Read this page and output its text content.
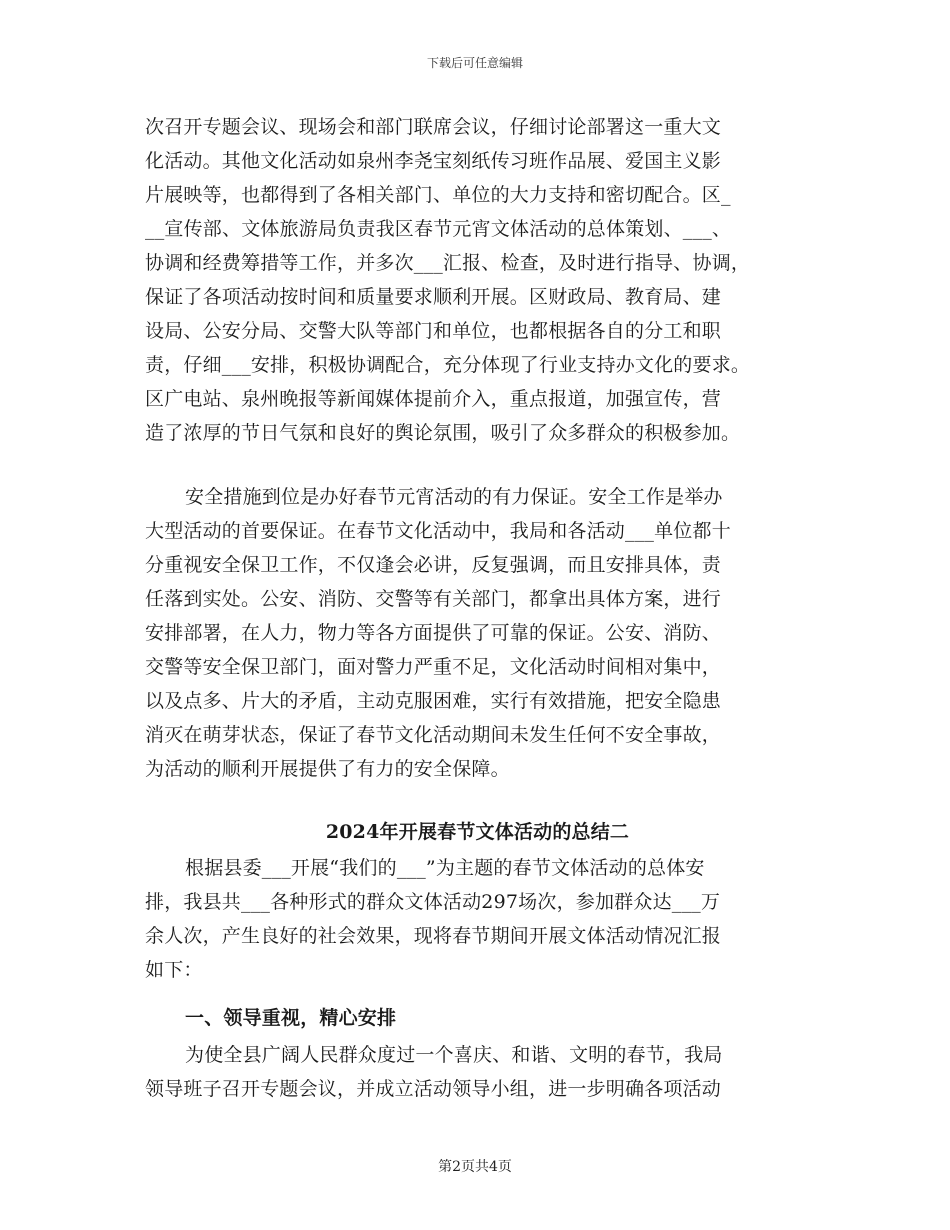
下载后可任意编辑
次召开专题会议、现场会和部门联席会议，仔细讨论部署这一重大文
化活动。其他文化活动如泉州李尧宝刻纸传习班作品展、爱国主义影
片展映等，也都得到了各相关部门、单位的大力支持和密切配合。区_
__宣传部、文体旅游局负责我区春节元宵文体活动的总体策划、___、
协调和经费筹措等工作，并多次___汇报、检查，及时进行指导、协调，
保证了各项活动按时间和质量要求顺利开展。区财政局、教育局、建
设局、公安分局、交警大队等部门和单位，也都根据各自的分工和职
责，仔细___安排，积极协调配合，充分体现了行业支持办文化的要求。
区广电站、泉州晚报等新闻媒体提前介入，重点报道，加强宣传，营
造了浓厚的节日气氛和良好的舆论氛围，吸引了众多群众的积极参加。
安全措施到位是办好春节元宵活动的有力保证。安全工作是举办
大型活动的首要保证。在春节文化活动中，我局和各活动___单位都十
分重视安全保卫工作，不仅逢会必讲，反复强调，而且安排具体，责
任落到实处。公安、消防、交警等有关部门，都拿出具体方案，进行
安排部署，在人力，物力等各方面提供了可靠的保证。公安、消防、
交警等安全保卫部门，面对警力严重不足，文化活动时间相对集中，
以及点多、片大的矛盾，主动克服困难，实行有效措施，把安全隐患
消灭在萌芽状态，保证了春节文化活动期间未发生任何不安全事故，
为活动的顺利开展提供了有力的安全保障。
2024年开展春节文体活动的总结二
根据县委___开展“我们的___”为主题的春节文体活动的总体安
排，我县共___各种形式的群众文体活动297场次，参加群众达___万
余人次，产生良好的社会效果，现将春节期间开展文体活动情况汇报
如下：
一、领导重视，精心安排
为使全县广阔人民群众度过一个喜庆、和谐、文明的春节，我局
领导班子召开专题会议，并成立活动领导小组，进一步明确各项活动
第2页共4页
